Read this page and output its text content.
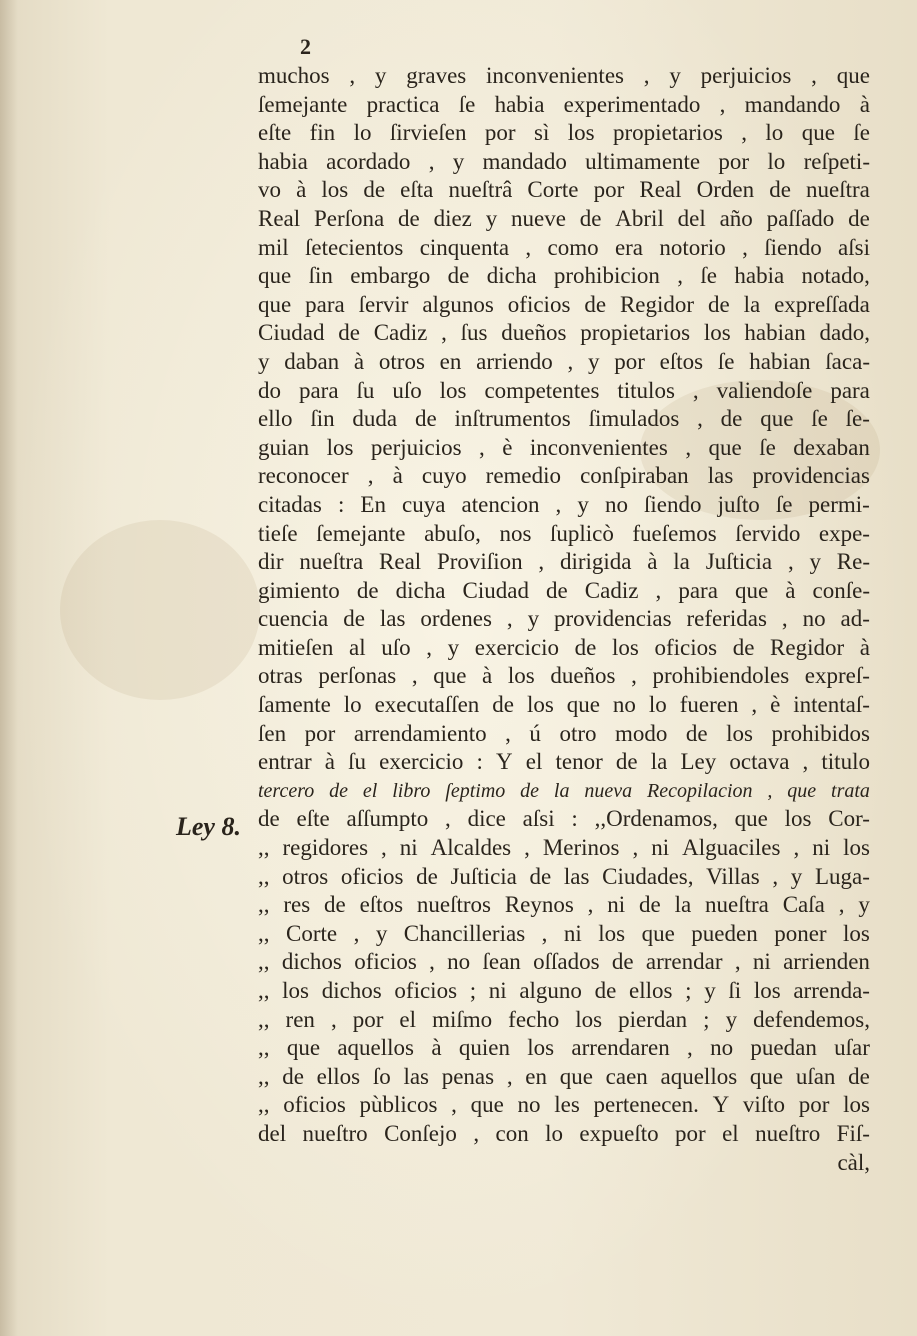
2
Ley 8.
muchos , y graves inconvenientes , y perjuicios , que
ſemejante practica ſe habia experimentado , mandando à
eſte fin lo ſirvieſen por sì los propietarios , lo que ſe
habia acordado , y mandado ultimamente por lo reſpeti-
vo à los de eſta nueſtrâ Corte por Real Orden de nueſtra
Real Perſona de diez y nueve de Abril del año paſſado de
mil ſetecientos cinquenta , como era notorio , ſiendo aſsi
que ſin embargo de dicha prohibicion , ſe habia notado,
que para ſervir algunos oficios de Regidor de la expreſſada
Ciudad de Cadiz , ſus dueños propietarios los habian dado,
y daban à otros en arriendo , y por eſtos ſe habian ſaca-
do para ſu uſo los competentes titulos , valiendoſe para
ello ſin duda de inſtrumentos ſimulados , de que ſe ſe-
guian los perjuicios , è inconvenientes , que ſe dexaban
reconocer , à cuyo remedio conſpiraban las providencias
citadas : En cuya atencion , y no ſiendo juſto ſe permi-
tieſe ſemejante abuſo, nos ſuplicò fueſemos ſervido expe-
dir nueſtra Real Proviſion , dirigida à la Juſticia , y Re-
gimiento de dicha Ciudad de Cadiz , para que à conſe-
cuencia de las ordenes , y providencias referidas , no ad-
mitieſen al uſo , y exercicio de los oficios de Regidor à
otras perſonas , que à los dueños , prohibiendoles expreſ-
ſamente lo executaſſen de los que no lo fueren , è intentaſ-
ſen por arrendamiento , ú otro modo de los prohibidos
entrar à ſu exercicio : Y el tenor de la Ley octava , titulo
tercero de el libro ſeptimo de la nueva Recopilacion , que trata
de eſte aſſumpto , dice aſsi : ,,Ordenamos, que los Cor-
,, regidores , ni Alcaldes , Merinos , ni Alguaciles , ni los
,, otros oficios de Juſticia de las Ciudades, Villas , y Luga-
,, res de eſtos nueſtros Reynos , ni de la nueſtra Caſa , y
,, Corte , y Chancillerias , ni los que pueden poner los
,, dichos oficios , no ſean oſſados de arrendar , ni arrienden
,, los dichos oficios ; ni alguno de ellos ; y ſi los arrenda-
,, ren , por el miſmo fecho los pierdan ; y defendemos,
,, que aquellos à quien los arrendaren , no puedan uſar
,, de ellos ſo las penas , en que caen aquellos que uſan de
,, oficios pùblicos , que no les pertenecen. Y viſto por los
del nueſtro Conſejo , con lo expueſto por el nueſtro Fiſ-
càl,
